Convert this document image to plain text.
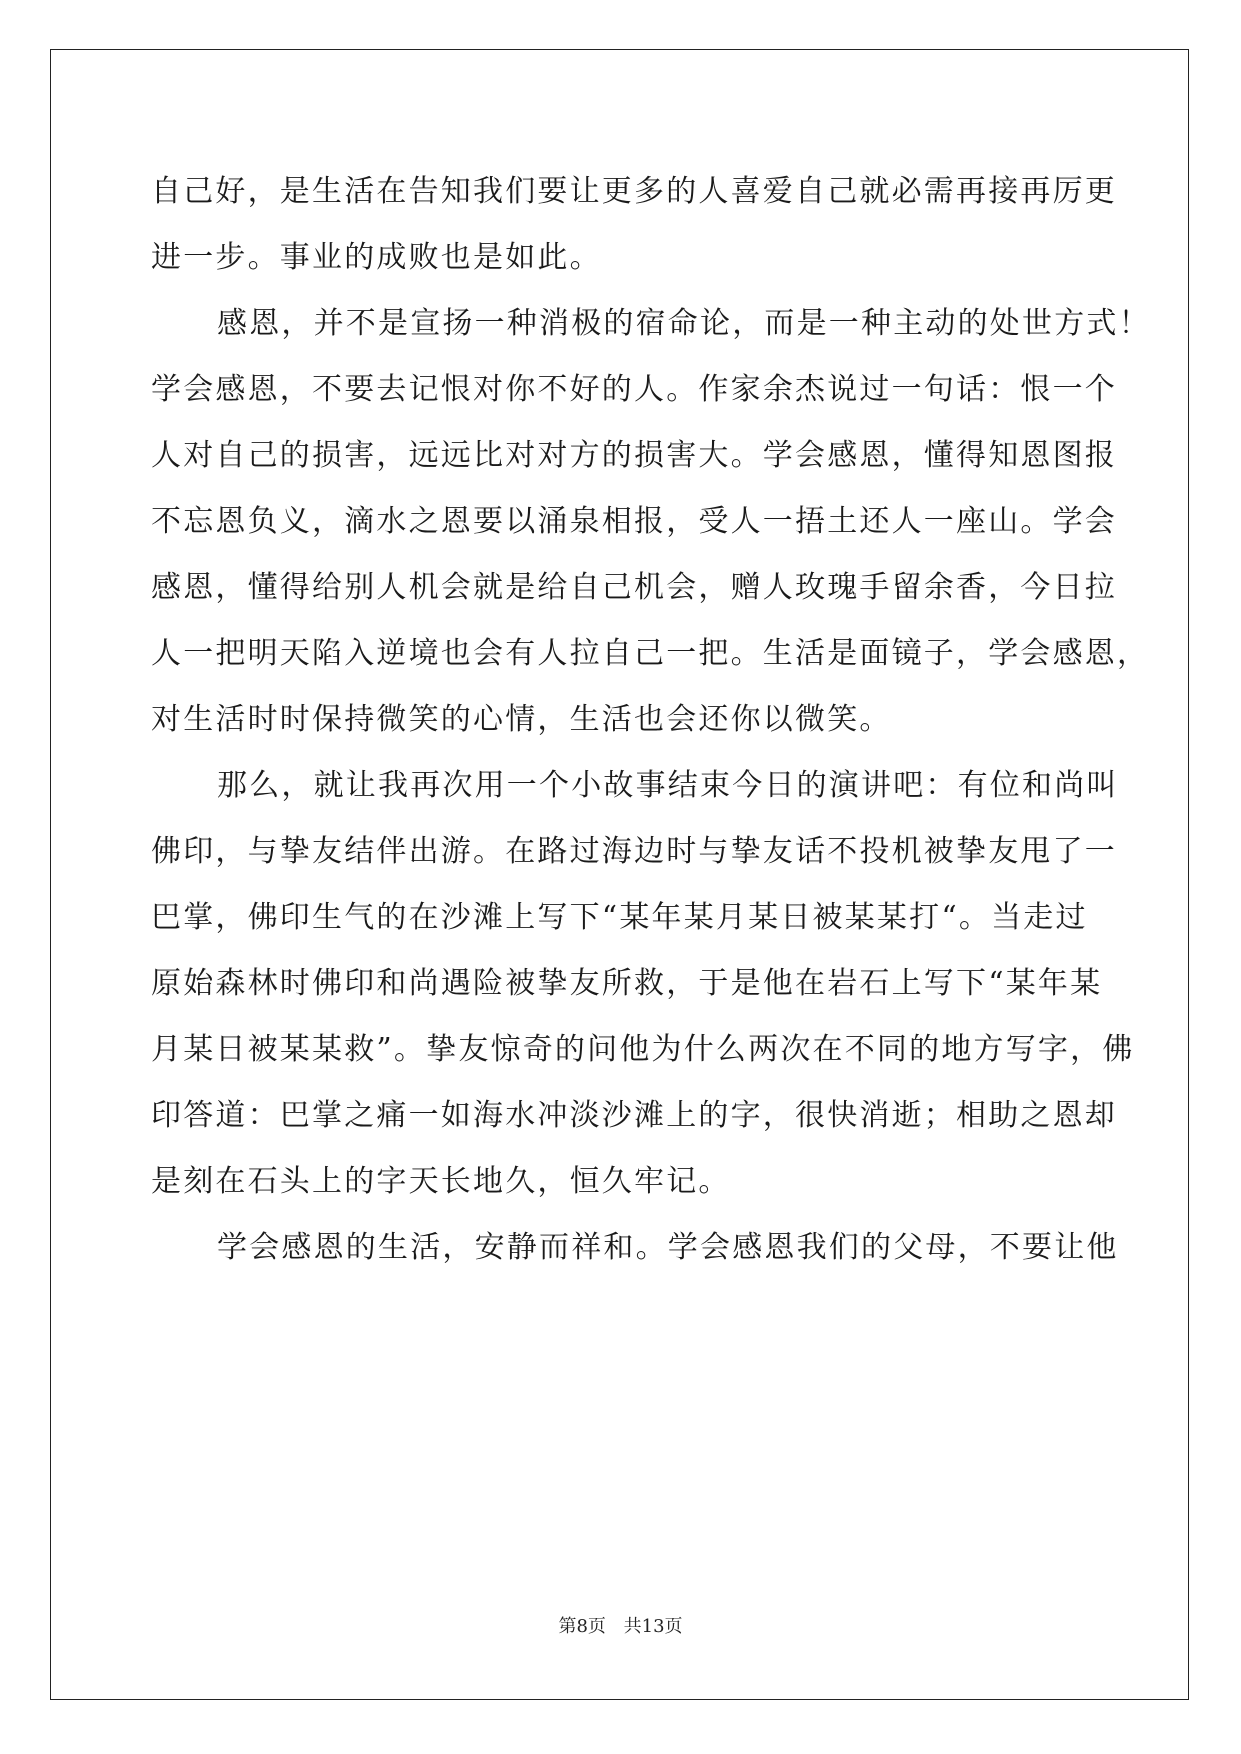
自己好，是生活在告知我们要让更多的人喜爱自己就必需再接再厉更
进一步。事业的成败也是如此。
感恩，并不是宣扬一种消极的宿命论，而是一种主动的处世方式！
学会感恩，不要去记恨对你不好的人。作家余杰说过一句话：恨一个
人对自己的损害，远远比对对方的损害大。学会感恩，懂得知恩图报
不忘恩负义，滴水之恩要以涌泉相报，受人一捂土还人一座山。学会
感恩，懂得给别人机会就是给自己机会，赠人玫瑰手留余香，今日拉
人一把明天陷入逆境也会有人拉自己一把。生活是面镜子，学会感恩，
对生活时时保持微笑的心情，生活也会还你以微笑。
那么，就让我再次用一个小故事结束今日的演讲吧：有位和尚叫
佛印，与挚友结伴出游。在路过海边时与挚友话不投机被挚友甩了一
巴掌，佛印生气的在沙滩上写下“某年某月某日被某某打“。当走过
原始森林时佛印和尚遇险被挚友所救，于是他在岩石上写下“某年某
月某日被某某救”。挚友惊奇的问他为什么两次在不同的地方写字，佛
印答道：巴掌之痛一如海水冲淡沙滩上的字，很快消逝；相助之恩却
是刻在石头上的字天长地久，恒久牢记。
学会感恩的生活，安静而祥和。学会感恩我们的父母，不要让他
第8页 共13页
